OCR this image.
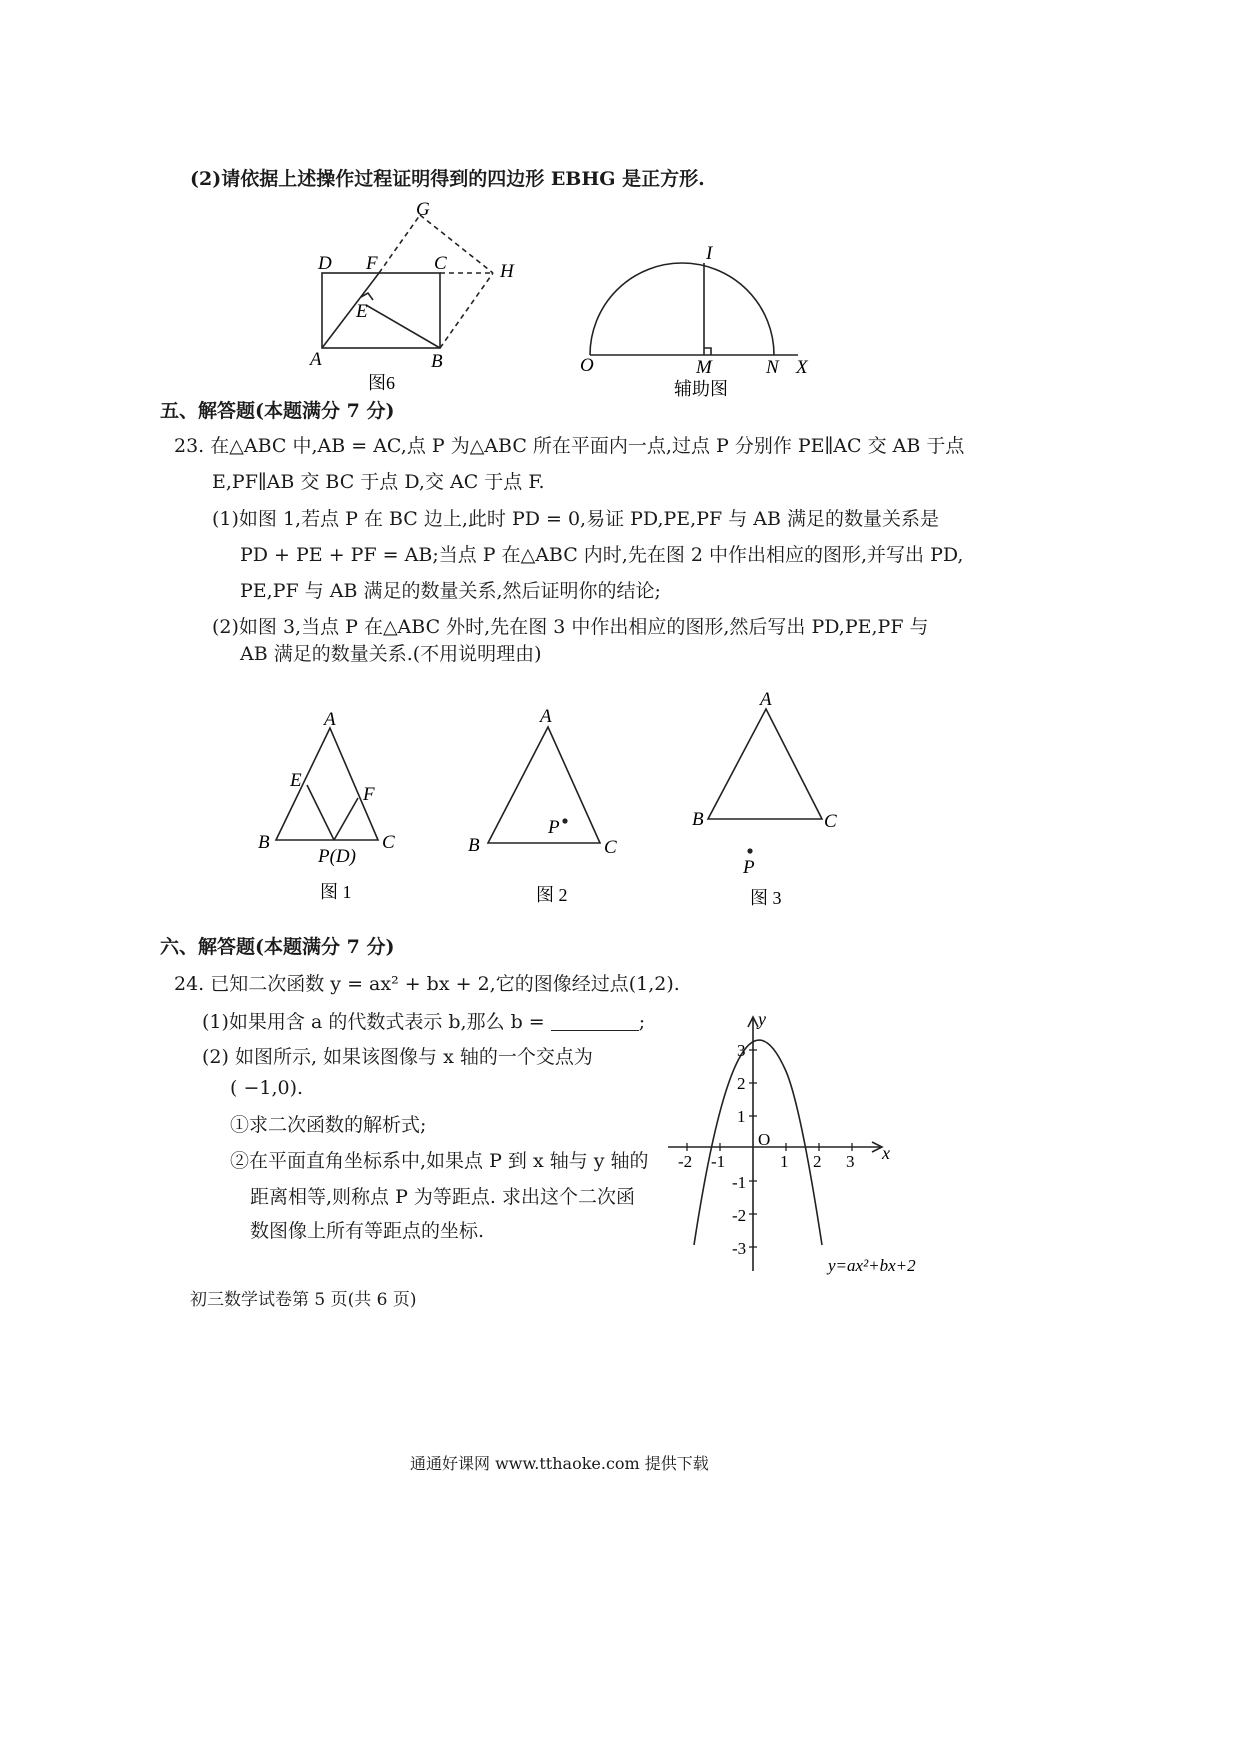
(2)请依据上述操作过程证明得到的四边形 EBHG 是正方形.
G
D F	C	H
E
A	B
图6
I
O	M	N X
辅助图
五、解答题(本题满分 7 分)
23. 在△ABC 中,AB = AC,点 P 为△ABC 所在平面内一点,过点 P 分别作 PE∥AC 交 AB 于点
E,PF∥AB 交 BC 于点 D,交 AC 于点 F.
(1)如图 1,若点 P 在 BC 边上,此时 PD = 0,易证 PD,PE,PF 与 AB 满足的数量关系是
PD + PE + PF = AB;当点 P 在△ABC 内时,先在图 2 中作出相应的图形,并写出 PD,
PE,PF 与 AB 满足的数量关系,然后证明你的结论;
(2)如图 3,当点 P 在△ABC 外时,先在图 3 中作出相应的图形,然后写出 PD,PE,PF 与
AB 满足的数量关系.(不用说明理由)
A
E
F
B	C
P(D)
图 1
A
P
B	C
图 2
A
B	C
P
图 3
六、解答题(本题满分 7 分)
24. 已知二次函数 y = ax² + bx + 2,它的图像经过点(1,2).
(1)如果用含 a 的代数式表示 b,那么 b =	;
(2) 如图所示, 如果该图像与 x 轴的一个交点为
( −1,0).
①求二次函数的解析式;
②在平面直角坐标系中,如果点 P 到 x 轴与 y 轴的
距离相等,则称点 P 为等距点. 求出这个二次函
数图像上所有等距点的坐标.
-2 -1	1 2 3
3
2
1
-1
-2
-3
O
x
y
y=ax²+bx+2
初三数学试卷第 5 页(共 6 页)
通通好课网 www.tthaoke.com 提供下载
